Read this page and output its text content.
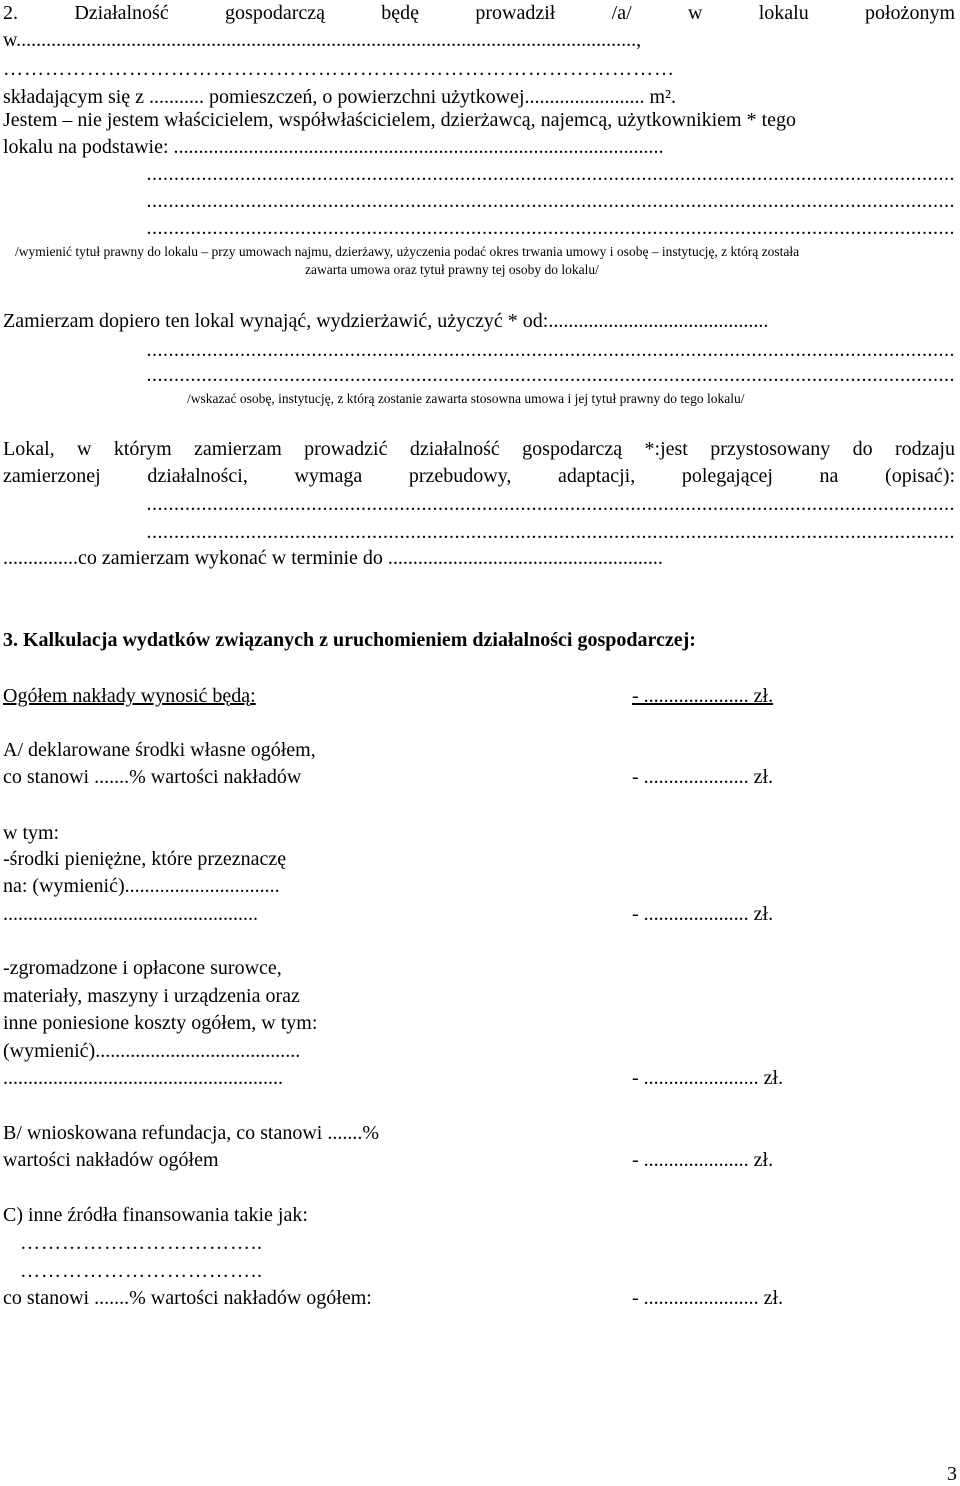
2. Działalność gospodarczą będę prowadził /a/ w lokalu położonym
w............................................................................................................................,
……………………………………………………………………………………
składającym się z ........... pomieszczeń, o powierzchni użytkowej........................ m².
Jestem – nie jestem właścicielem, współwłaścicielem, dzierżawcą, najemcą, użytkownikiem * tego
lokalu na podstawie: ..................................................................................................
...................................................................................................................................................
...................................................................................................................................................
...................................................................................................................................................
/wymienić tytuł prawny do lokalu – przy umowach najmu, dzierżawy, użyczenia podać okres trwania umowy i osobę – instytucję, z którą została
zawarta umowa oraz tytuł prawny tej osoby do lokalu/
Zamierzam dopiero ten lokal wynająć, wydzierżawić, użyczyć * od:............................................
...................................................................................................................................................
...................................................................................................................................................
/wskazać osobę, instytucję, z którą zostanie zawarta stosowna umowa i jej tytuł prawny do tego lokalu/
Lokal, w którym zamierzam prowadzić działalność gospodarczą *:jest przystosowany do rodzaju
zamierzonej działalności, wymaga przebudowy, adaptacji, polegającej na (opisać):
...................................................................................................................................................
...................................................................................................................................................
...............co zamierzam wykonać w terminie do .......................................................
3. Kalkulacja wydatków związanych z uruchomieniem działalności gospodarczej:
Ogółem nakłady wynosić będą:	- ..................... zł.
A/ deklarowane środki własne ogółem,
co stanowi .......% wartości nakładów	- ..................... zł.
w tym:
-środki pieniężne, które przeznaczę
na: (wymienić)...............................
...................................................	- ..................... zł.
-zgromadzone i opłacone surowce,
materiały, maszyny i urządzenia oraz
inne poniesione koszty ogółem, w tym:
(wymienić).........................................
........................................................	- ....................... zł.
B/ wnioskowana refundacja, co stanowi .......%
wartości nakładów ogółem	- ..................... zł.
C) inne źródła finansowania takie jak:
……………………………..
……………………………..
co stanowi .......% wartości nakładów ogółem:	- ....................... zł.
3
